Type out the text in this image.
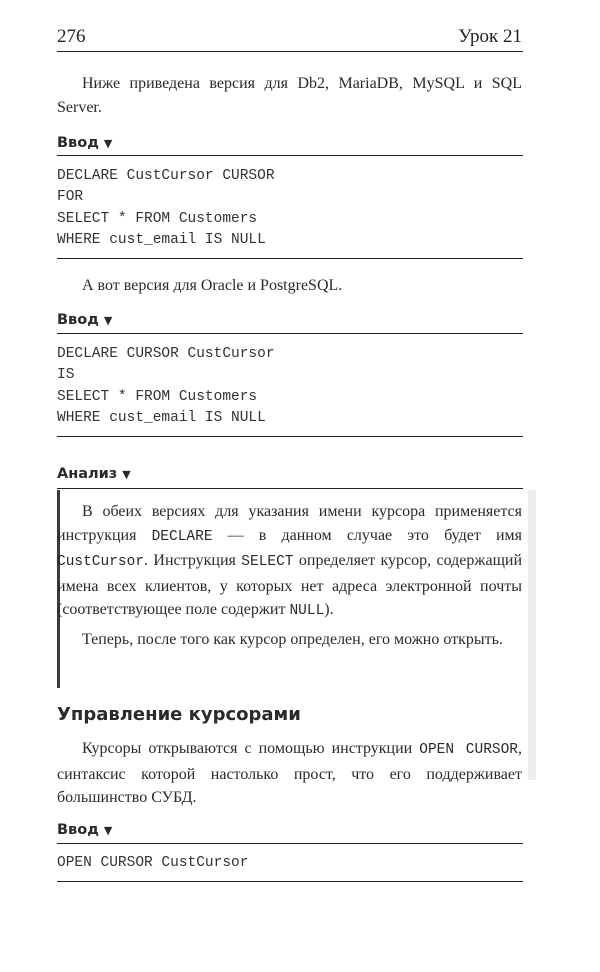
276	Урок 21

Ниже приведена версия для Db2, MariaDB, MySQL и SQL Server.

Ввод ▼
DECLARE CustCursor CURSOR
FOR
SELECT * FROM Customers
WHERE cust_email IS NULL

А вот версия для Oracle и PostgreSQL.

Ввод ▼
DECLARE CURSOR CustCursor
IS
SELECT * FROM Customers
WHERE cust_email IS NULL
Анализ ▼

В обеих версиях для указания имени курсора применяется инструкция DECLARE — в данном случае это будет имя CustCursor. Инструкция SELECT определяет курсор, содержащий имена всех клиентов, у которых нет адреса электронной почты (соответствующее поле содержит NULL).

Теперь, после того как курсор определен, его можно открыть.

Управление курсорами

Курсоры открываются с помощью инструкции OPEN CURSOR, синтаксис которой настолько прост, что его поддерживает большинство СУБД.

Ввод ▼
OPEN CURSOR CustCursor
